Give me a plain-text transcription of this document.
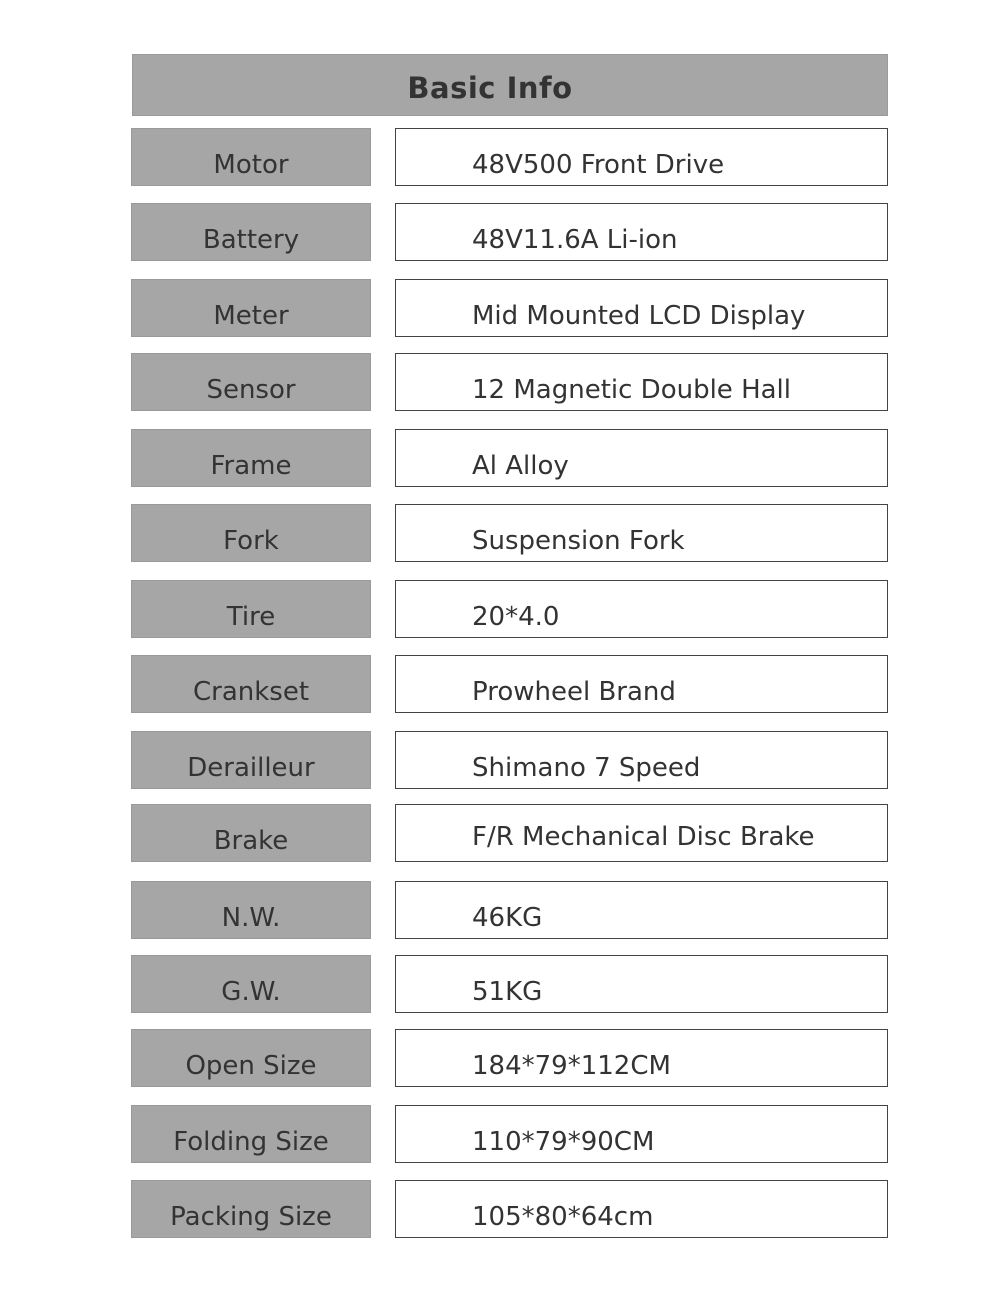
Basic Info
Motor	48V500 Front Drive
Battery	48V11.6A Li-ion
Meter	Mid Mounted LCD Display
Sensor	12 Magnetic Double Hall
Frame	Al Alloy
Fork	Suspension Fork
Tire	20*4.0
Crankset	Prowheel Brand
Derailleur	Shimano 7 Speed
Brake	F/R Mechanical Disc Brake
N.W.	46KG
G.W.	51KG
Open Size	184*79*112CM
Folding Size	110*79*90CM
Packing Size	105*80*64cm
